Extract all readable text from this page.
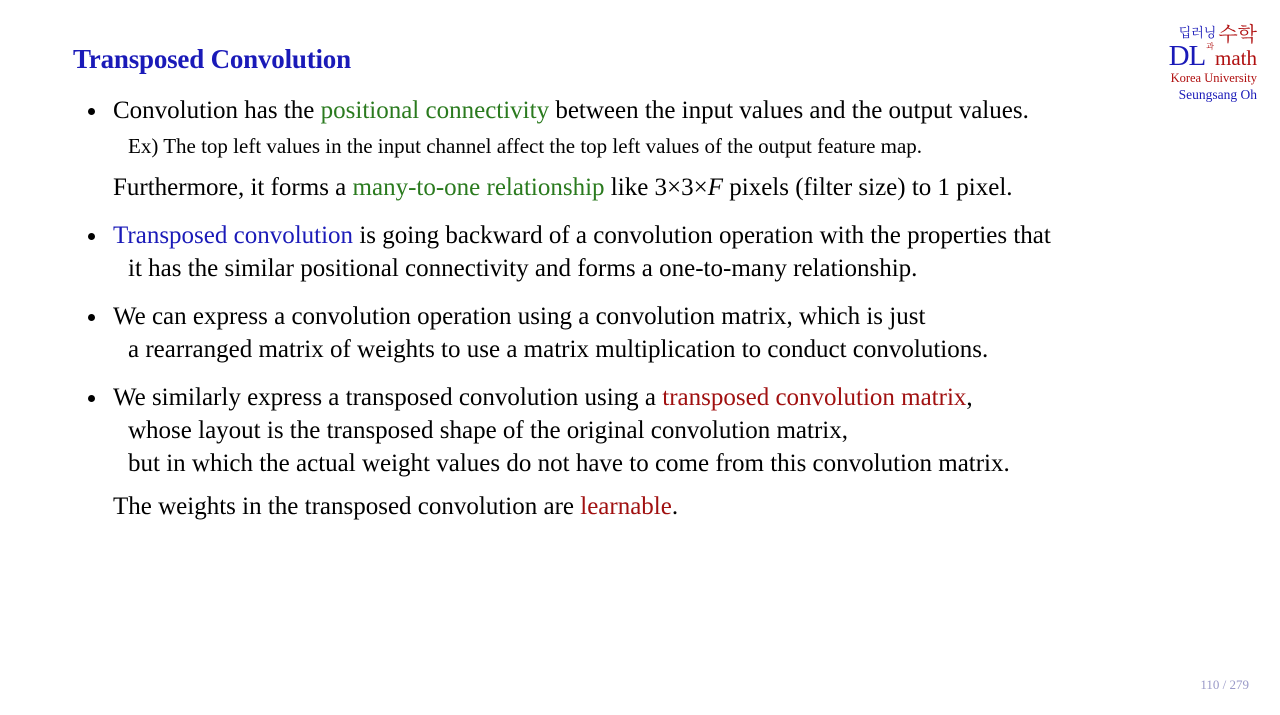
Transposed Convolution
딥러닝 수학
DL 과 math
Korea University
Seungsang Oh
Convolution has the positional connectivity between the input values and the output values.
Ex) The top left values in the input channel affect the top left values of the output feature map.
Furthermore, it forms a many-to-one relationship like 3×3×F pixels (filter size) to 1 pixel.
Transposed convolution is going backward of a convolution operation with the properties that
it has the similar positional connectivity and forms a one-to-many relationship.
We can express a convolution operation using a convolution matrix, which is just
a rearranged matrix of weights to use a matrix multiplication to conduct convolutions.
We similarly express a transposed convolution using a transposed convolution matrix,
whose layout is the transposed shape of the original convolution matrix,
but in which the actual weight values do not have to come from this convolution matrix.
The weights in the transposed convolution are learnable.
110 / 279
